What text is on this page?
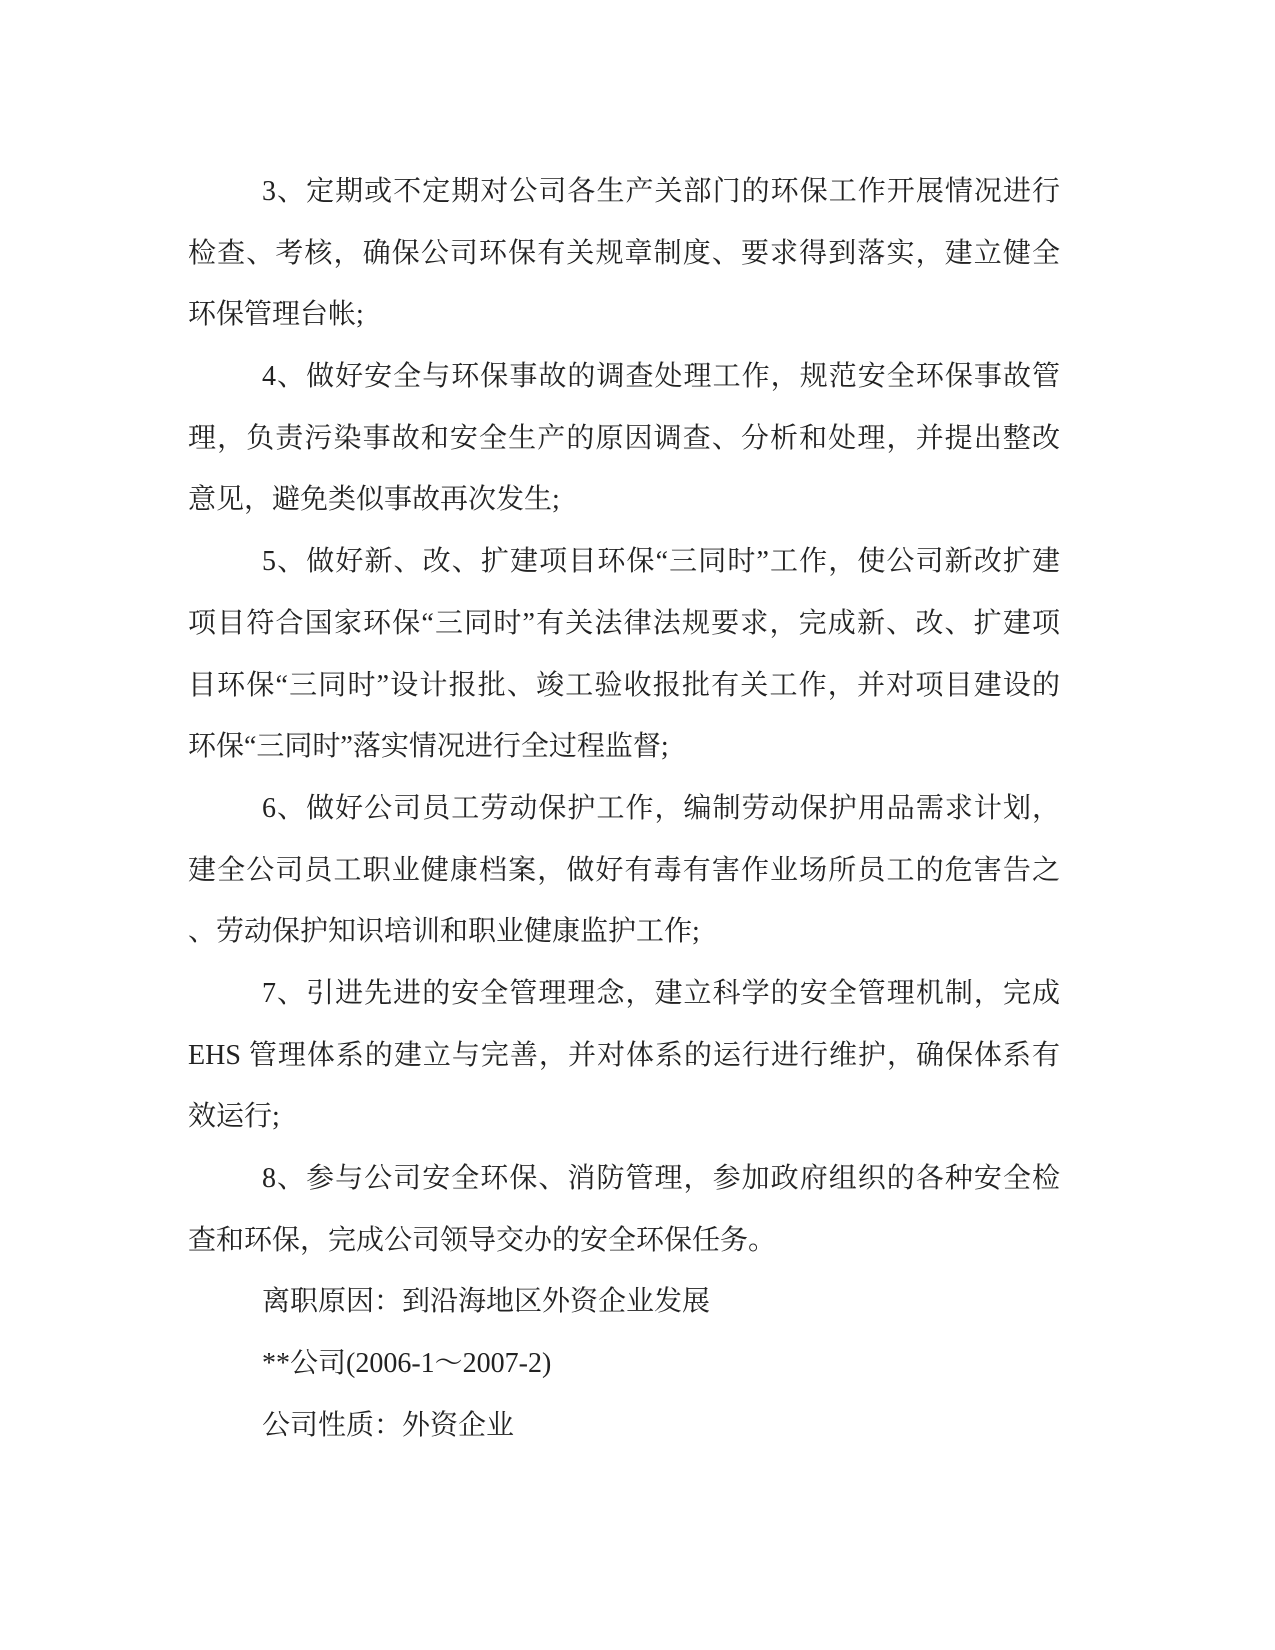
3、定期或不定期对公司各生产关部门的环保工作开展情况进行
检查、考核，确保公司环保有关规章制度、要求得到落实，建立健全
环保管理台帐;
4、做好安全与环保事故的调查处理工作，规范安全环保事故管
理，负责污染事故和安全生产的原因调查、分析和处理，并提出整改
意见，避免类似事故再次发生;
5、做好新、改、扩建项目环保“三同时”工作，使公司新改扩建
项目符合国家环保“三同时”有关法律法规要求，完成新、改、扩建项
目环保“三同时”设计报批、竣工验收报批有关工作，并对项目建设的
环保“三同时”落实情况进行全过程监督;
6、做好公司员工劳动保护工作，编制劳动保护用品需求计划，
建全公司员工职业健康档案，做好有毒有害作业场所员工的危害告之
、劳动保护知识培训和职业健康监护工作;
7、引进先进的安全管理理念，建立科学的安全管理机制，完成
EHS 管理体系的建立与完善，并对体系的运行进行维护，确保体系有
效运行;
8、参与公司安全环保、消防管理，参加政府组织的各种安全检
查和环保，完成公司领导交办的安全环保任务。
离职原因：到沿海地区外资企业发展
**公司(2006-1～2007-2)
公司性质：外资企业
